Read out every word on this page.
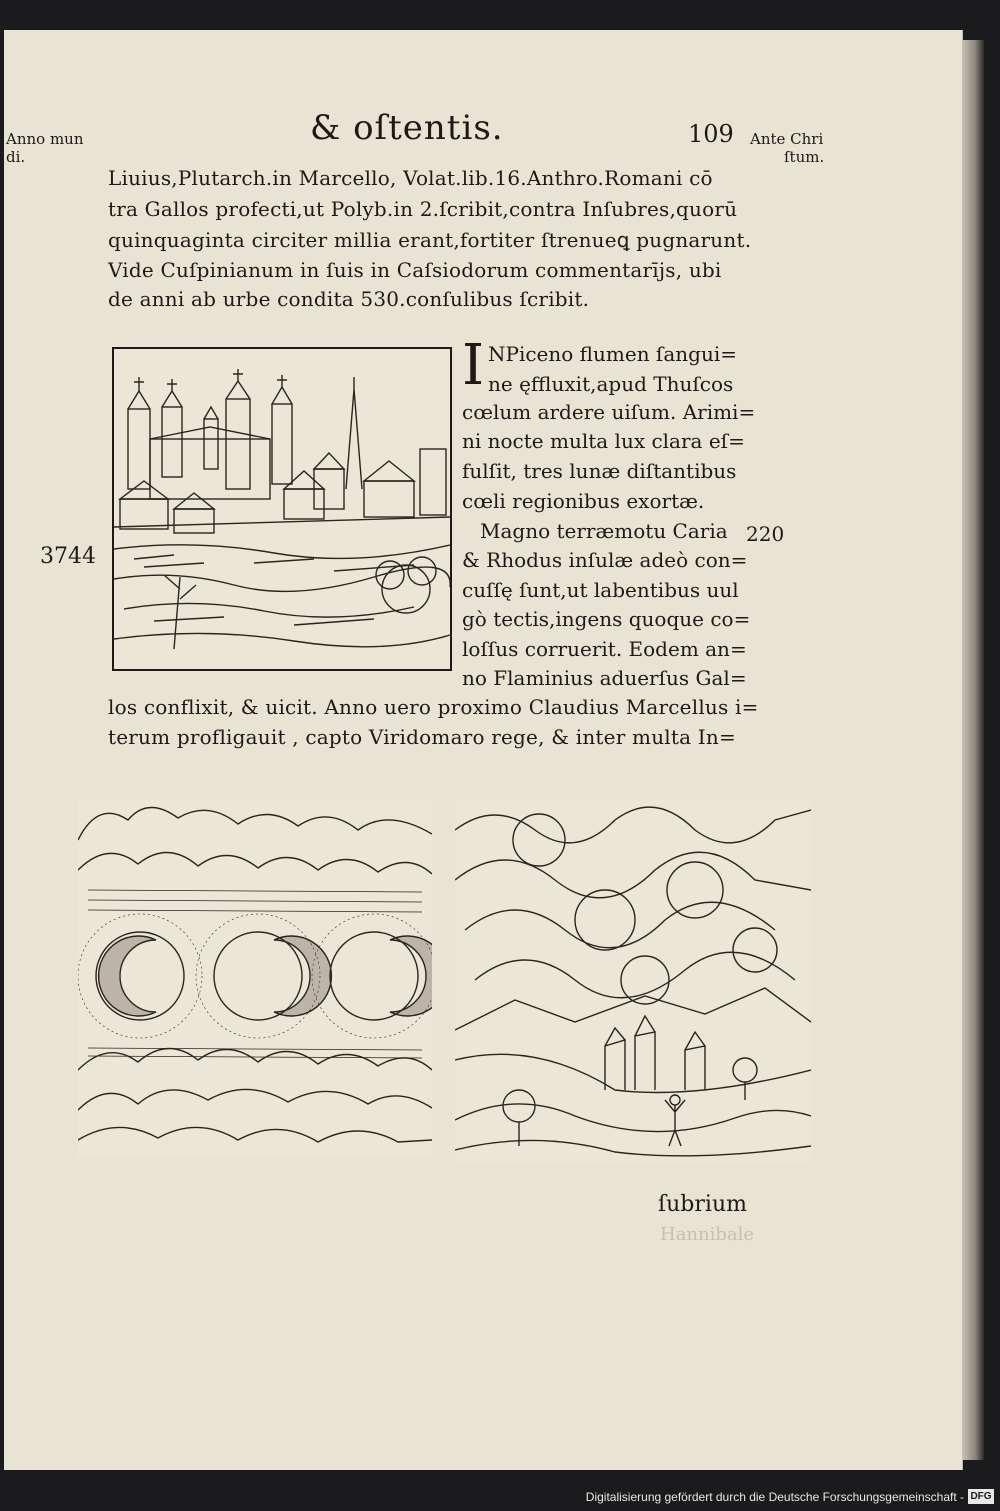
Anno mun
di.
& oſtentis.	109 Ante Chri
ſtum.
Liuius,Plutarch.in Marcello, Volat.lib.16.Anthro.Romani cō
tra Gallos profecti,ut Polyb.in 2.ſcribit,contra Inſubres,quorū
quinquaginta circiter millia erant,fortiter ſtrenueꝗ pugnarunt.
Vide Cuſpinianum in ſuis in Caſsiodorum commentarījs, ubi
de anni ab urbe condita 530.conſulibus ſcribit.
I NPiceno flumen ſangui=
ne ęffluxit,apud Thuſcos
cœlum ardere uiſum. Arimi=
ni nocte multa lux clara eſ=
fulſit, tres lunæ diſtantibus
cœli regionibus exortæ.
Magno terræmotu Caria
& Rhodus inſulæ adeò con=
cuſſę ſunt,ut labentibus uul
gò tectis,ingens quoque co=
loſſus corruerit. Eodem an=
no Flaminius aduerſus Gal=
los conflixit, & uicit. Anno uero proximo Claudius Marcellus i=
terum profligauit , capto Viridomaro rege, & inter multa In=
3744
220
ſubrium
Hannibale
Digitalisierung gefördert durch die Deutsche Forschungsgemeinschaft - DFG
